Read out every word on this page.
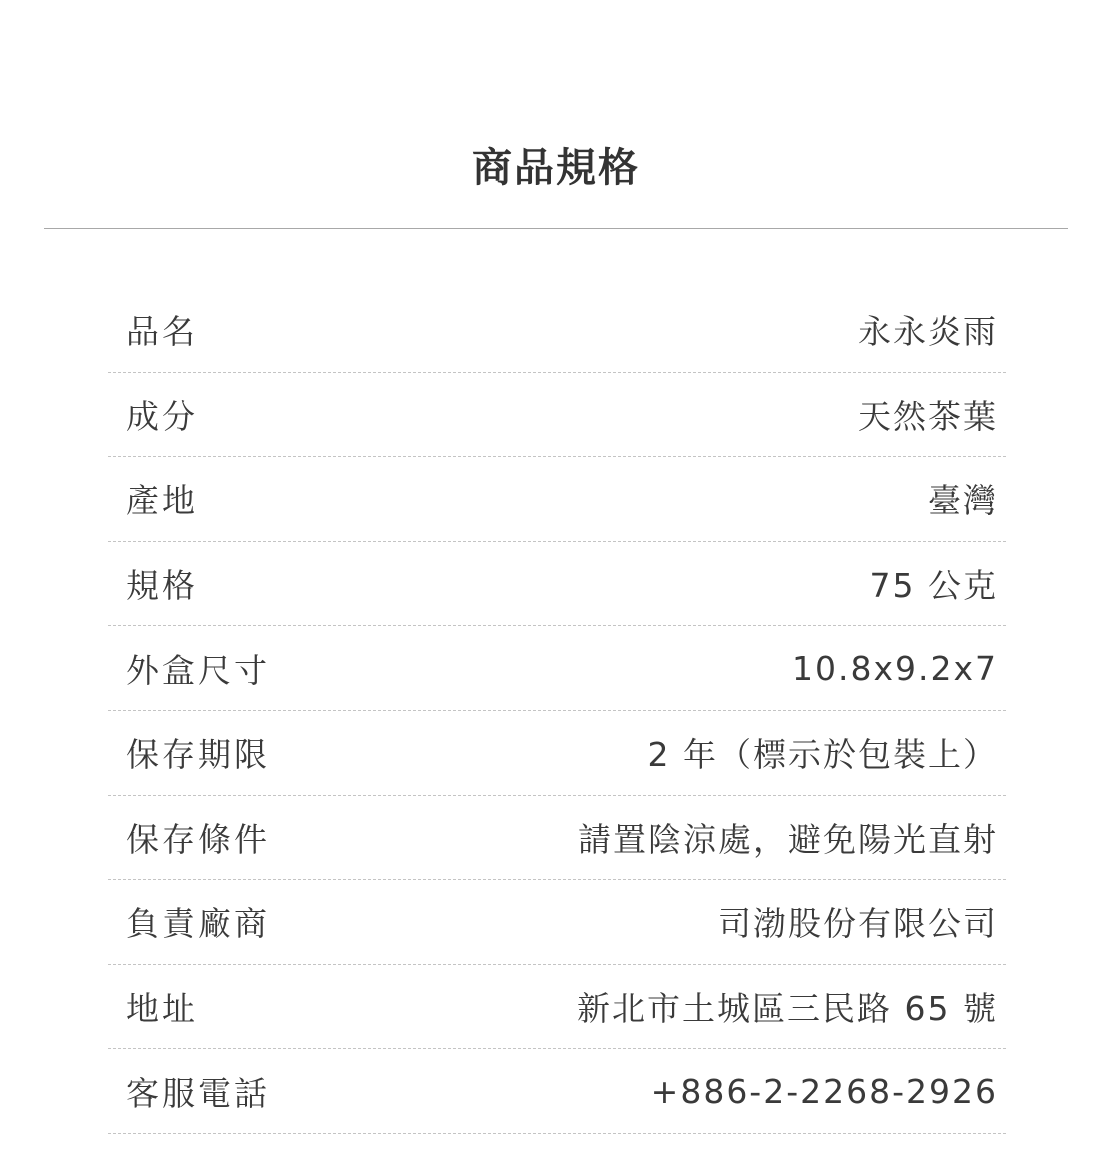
商品規格
品名	永永炎雨
成分	天然茶葉
產地	臺灣
規格	75 公克
外盒尺寸	10.8x9.2x7
保存期限	2 年（標示於包裝上）
保存條件	請置陰涼處，避免陽光直射
負責廠商	司渤股份有限公司
地址	新北市土城區三民路 65 號
客服電話	+886-2-2268-2926
